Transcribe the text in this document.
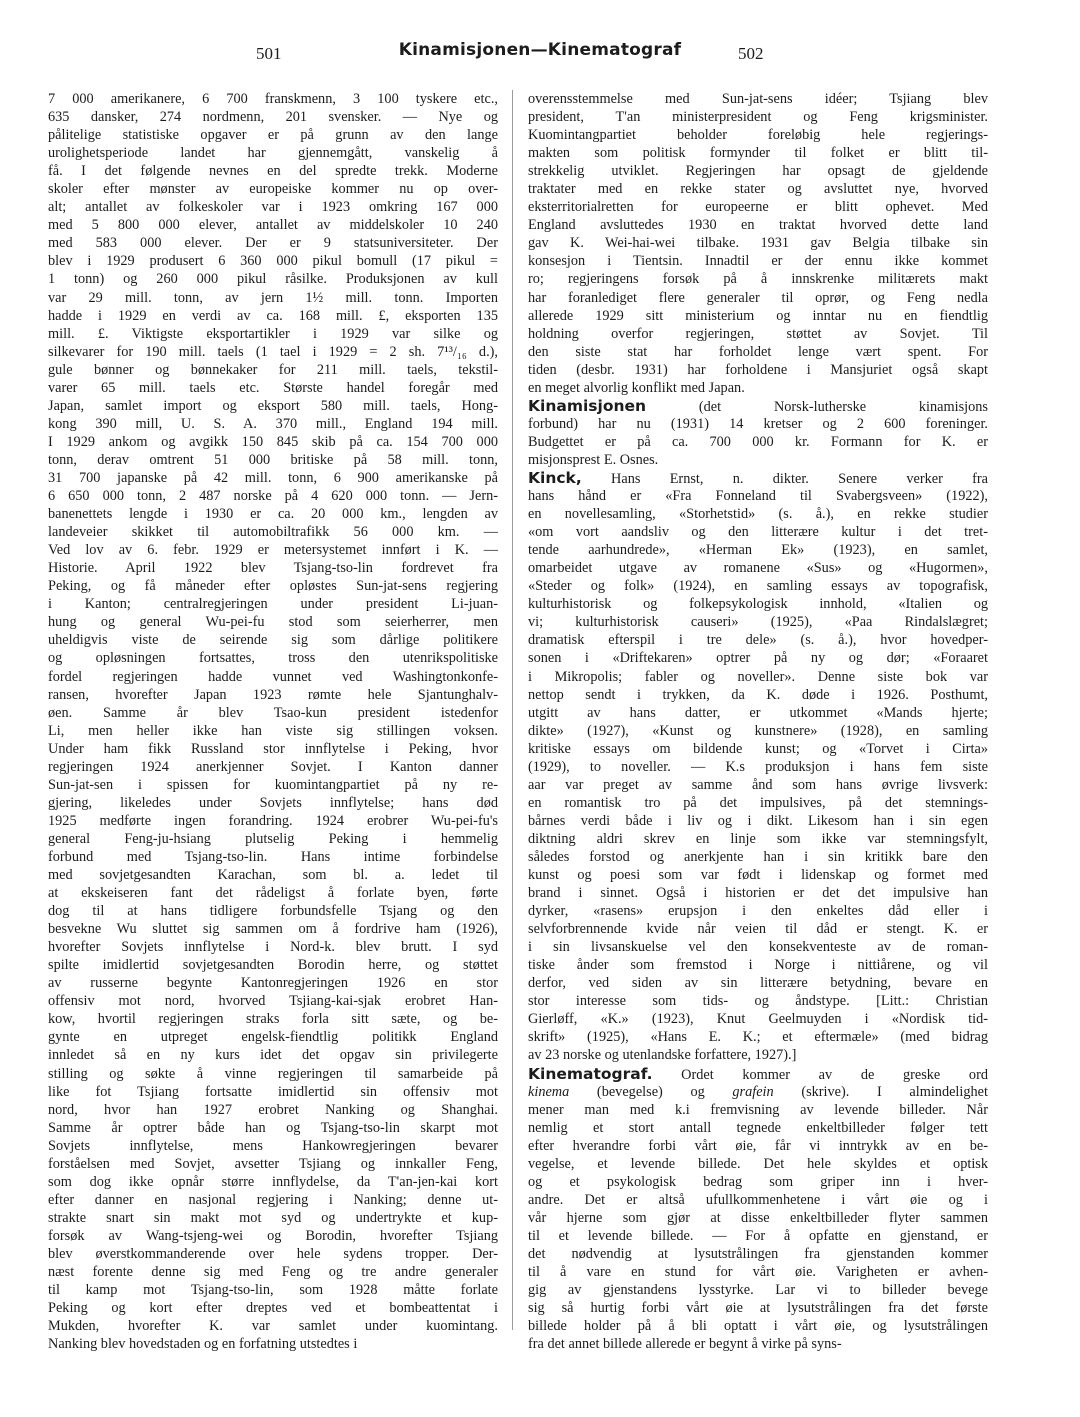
501	Kinamisjonen—Kinematograf	502
7 000 amerikanere, 6 700 franskmenn, 3 100 tyskere etc.,
635 dansker, 274 nordmenn, 201 svensker. — Nye og
pålitelige statistiske opgaver er på grunn av den lange
urolighetsperiode landet har gjennemgått, vanskelig å
få. I det følgende nevnes en del spredte trekk. Moderne
skoler efter mønster av europeiske kommer nu op over-
alt; antallet av folkeskoler var i 1923 omkring 167 000
med 5 800 000 elever, antallet av middelskoler 10 240
med 583 000 elever. Der er 9 statsuniversiteter. Der
blev i 1929 produsert 6 360 000 pikul bomull (17 pikul =
1 tonn) og 260 000 pikul råsilke. Produksjonen av kull
var 29 mill. tonn, av jern 1½ mill. tonn. Importen
hadde i 1929 en verdi av ca. 168 mill. £, eksporten 135
mill. £. Viktigste eksportartikler i 1929 var silke og
silkevarer for 190 mill. taels (1 tael i 1929 = 2 sh. 7¹³/₁₆ d.),
gule bønner og bønnekaker for 211 mill. taels, tekstil-
varer 65 mill. taels etc. Største handel foregår med
Japan, samlet import og eksport 580 mill. taels, Hong-
kong 390 mill, U. S. A. 370 mill., England 194 mill.
I 1929 ankom og avgikk 150 845 skib på ca. 154 700 000
tonn, derav omtrent 51 000 britiske på 58 mill. tonn,
31 700 japanske på 42 mill. tonn, 6 900 amerikanske på
6 650 000 tonn, 2 487 norske på 4 620 000 tonn. — Jern-
banenettets lengde i 1930 er ca. 20 000 km., lengden av
landeveier skikket til automobiltrafikk 56 000 km. —
Ved lov av 6. febr. 1929 er metersystemet innført i K. —
Historie. April 1922 blev Tsjang-tso-lin fordrevet fra
Peking, og få måneder efter opløstes Sun-jat-sens regjering
i Kanton; centralregjeringen under president Li-juan-
hung og general Wu-pei-fu stod som seierherrer, men
uheldigvis viste de seirende sig som dårlige politikere
og opløsningen fortsattes, tross den utenrikspolitiske
fordel regjeringen hadde vunnet ved Washingtonkonfe-
ransen, hvorefter Japan 1923 rømte hele Sjantunghalv-
øen. Samme år blev Tsao-kun president istedenfor
Li, men heller ikke han viste sig stillingen voksen.
Under ham fikk Russland stor innflytelse i Peking, hvor
regjeringen 1924 anerkjenner Sovjet. I Kanton danner
Sun-jat-sen i spissen for kuomintangpartiet på ny re-
gjering, likeledes under Sovjets innflytelse; hans død
1925 medførte ingen forandring. 1924 erobrer Wu-pei-fu's
general Feng-ju-hsiang plutselig Peking i hemmelig
forbund med Tsjang-tso-lin. Hans intime forbindelse
med sovjetgesandten Karachan, som bl. a. ledet til
at ekskeiseren fant det rådeligst å forlate byen, førte
dog til at hans tidligere forbundsfelle Tsjang og den
besvekne Wu sluttet sig sammen om å fordrive ham (1926),
hvorefter Sovjets innflytelse i Nord-k. blev brutt. I syd
spilte imidlertid sovjetgesandten Borodin herre, og støttet
av russerne begynte Kantonregjeringen 1926 en stor
offensiv mot nord, hvorved Tsjiang-kai-sjak erobret Han-
kow, hvortil regjeringen straks forla sitt sæte, og be-
gynte en utpreget engelsk-fiendtlig politikk England
innledet så en ny kurs idet det opgav sin privilegerte
stilling og søkte å vinne regjeringen til samarbeide på
like fot Tsjiang fortsatte imidlertid sin offensiv mot
nord, hvor han 1927 erobret Nanking og Shanghai.
Samme år optrer både han og Tsjang-tso-lin skarpt mot
Sovjets innflytelse, mens Hankowregjeringen bevarer
forståelsen med Sovjet, avsetter Tsjiang og innkaller Feng,
som dog ikke opnår større innflydelse, da T'an-jen-kai kort
efter danner en nasjonal regjering i Nanking; denne ut-
strakte snart sin makt mot syd og undertrykte et kup-
forsøk av Wang-tsjeng-wei og Borodin, hvorefter Tsjiang
blev øverstkommanderende over hele sydens tropper. Der-
næst forente denne sig med Feng og tre andre generaler
til kamp mot Tsjang-tso-lin, som 1928 måtte forlate
Peking og kort efter dreptes ved et bombeattentat i
Mukden, hvorefter K. var samlet under kuomintang.
Nanking blev hovedstaden og en forfatning utstedtes i
overensstemmelse med Sun-jat-sens idéer; Tsjiang blev
president, T'an ministerpresident og Feng krigsminister.
Kuomintangpartiet beholder foreløbig hele regjerings-
makten som politisk formynder til folket er blitt til-
strekkelig utviklet. Regjeringen har opsagt de gjeldende
traktater med en rekke stater og avsluttet nye, hvorved
eksterritorialretten for europeerne er blitt ophevet. Med
England avsluttedes 1930 en traktat hvorved dette land
gav K. Wei-hai-wei tilbake. 1931 gav Belgia tilbake sin
konsesjon i Tientsin. Innadtil er der ennu ikke kommet
ro; regjeringens forsøk på å innskrenke militærets makt
har foranlediget flere generaler til oprør, og Feng nedla
allerede 1929 sitt ministerium og inntar nu en fiendtlig
holdning overfor regjeringen, støttet av Sovjet. Til
den siste stat har forholdet lenge vært spent. For
tiden (desbr. 1931) har forholdene i Mansjuriet også skapt
en meget alvorlig konflikt med Japan.
Kinamisjonen (det Norsk-lutherske kinamisjons
forbund) har nu (1931) 14 kretser og 2 600 foreninger.
Budgettet er på ca. 700 000 kr. Formann for K. er
misjonsprest E. Osnes.
Kinck, Hans Ernst, n. dikter. Senere verker fra
hans hånd er «Fra Fonneland til Svabergsveen» (1922),
en novellesamling, «Storhetstid» (s. å.), en rekke studier
«om vort aandsliv og den litterære kultur i det tret-
tende aarhundrede», «Herman Ek» (1923), en samlet,
omarbeidet utgave av romanene «Sus» og «Hugormen»,
«Steder og folk» (1924), en samling essays av topografisk,
kulturhistorisk og folkepsykologisk innhold, «Italien og
vi; kulturhistorisk causeri» (1925), «Paa Rindalslægret;
dramatisk efterspil i tre dele» (s. å.), hvor hovedper-
sonen i «Driftekaren» optrer på ny og dør; «Foraaret
i Mikropolis; fabler og noveller». Denne siste bok var
nettop sendt i trykken, da K. døde i 1926. Posthumt,
utgitt av hans datter, er utkommet «Mands hjerte;
dikte» (1927), «Kunst og kunstnere» (1928), en samling
kritiske essays om bildende kunst; og «Torvet i Cirta»
(1929), to noveller. — K.s produksjon i hans fem siste
aar var preget av samme ånd som hans øvrige livsverk:
en romantisk tro på det impulsives, på det stemnings-
bårnes verdi både i liv og i dikt. Likesom han i sin egen
diktning aldri skrev en linje som ikke var stemningsfylt,
således forstod og anerkjente han i sin kritikk bare den
kunst og poesi som var født i lidenskap og formet med
brand i sinnet. Også i historien er det det impulsive han
dyrker, «rasens» erupsjon i den enkeltes dåd eller i
selvforbrennende kvide når veien til dåd er stengt. K. er
i sin livsanskuelse vel den konsekventeste av de roman-
tiske ånder som fremstod i Norge i nittiårene, og vil
derfor, ved siden av sin litterære betydning, bevare en
stor interesse som tids- og åndstype. [Litt.: Christian
Gierløff, «K.» (1923), Knut Geelmuyden i «Nordisk tid-
skrift» (1925), «Hans E. K.; et eftermæle» (med bidrag
av 23 norske og utenlandske forfattere, 1927).]
Kinematograf. Ordet kommer av de greske ord
kinema (bevegelse) og grafein (skrive). I almindelighet
mener man med k.i fremvisning av levende billeder. Når
nemlig et stort antall tegnede enkeltbilleder følger tett
efter hverandre forbi vårt øie, får vi inntrykk av en be-
vegelse, et levende billede. Det hele skyldes et optisk
og et psykologisk bedrag som griper inn i hver-
andre. Det er altså ufullkommenhetene i vårt øie og i
vår hjerne som gjør at disse enkeltbilleder flyter sammen
til et levende billede. — For å opfatte en gjenstand, er
det nødvendig at lysutstrålingen fra gjenstanden kommer
til å vare en stund for vårt øie. Varigheten er avhen-
gig av gjenstandens lysstyrke. Lar vi to billeder bevege
sig så hurtig forbi vårt øie at lysutstrålingen fra det første
billede holder på å bli optatt i vårt øie, og lysutstrålingen
fra det annet billede allerede er begynt å virke på syns-
